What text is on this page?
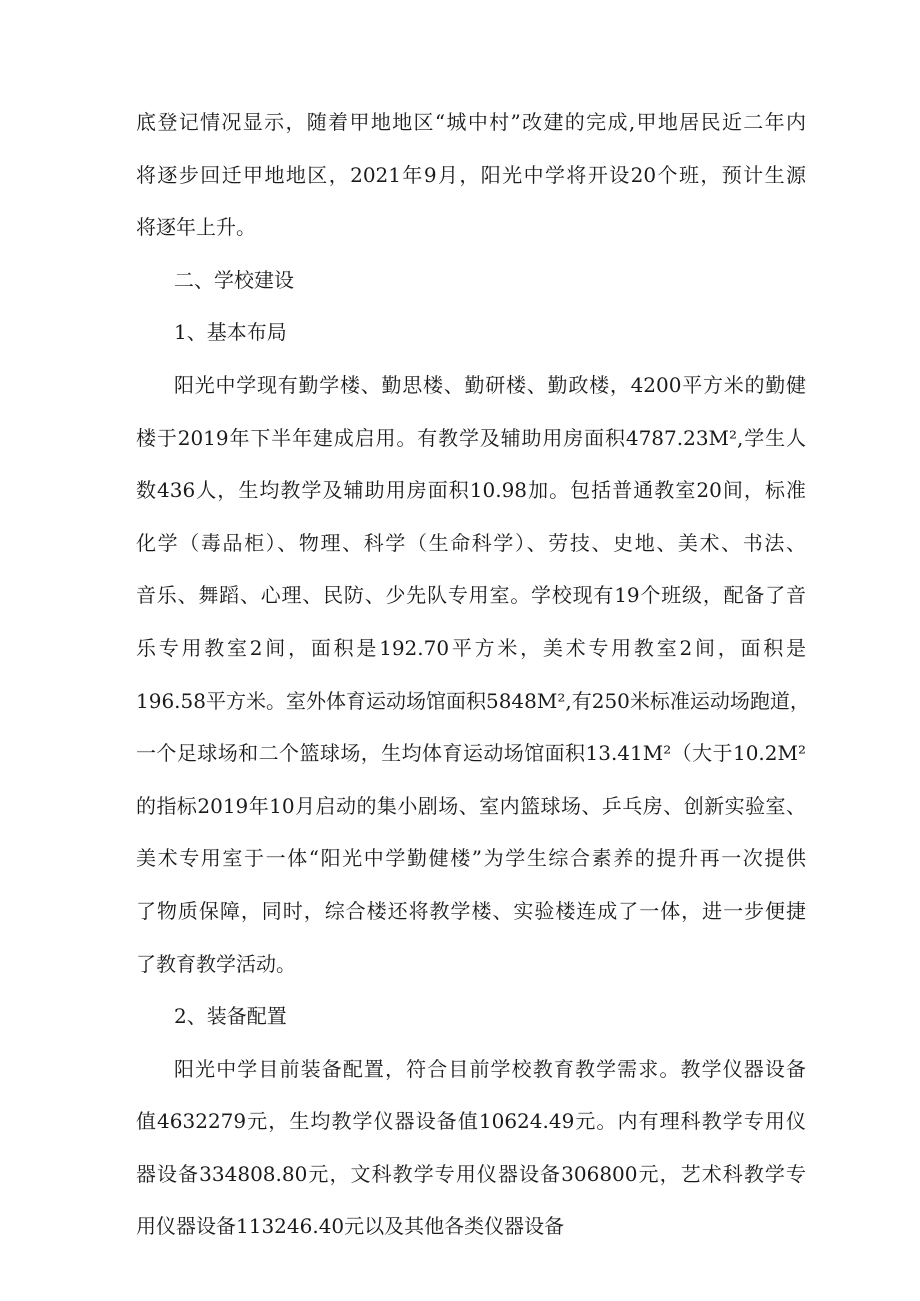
底登记情况显示，随着甲地地区“城中村”改建的完成,甲地居民近二年内
将逐步回迁甲地地区，2021年9月，阳光中学将开设20个班，预计生源
将逐年上升。
二、学校建设
1、基本布局
阳光中学现有勤学楼、勤思楼、勤研楼、勤政楼，4200平方米的勤健
楼于2019年下半年建成启用。有教学及辅助用房面积4787.23M²,学生人
数436人，生均教学及辅助用房面积10.98加。包括普通教室20间，标准
化学（毒品柜）、物理、科学（生命科学）、劳技、史地、美术、书法、
音乐、舞蹈、心理、民防、少先队专用室。学校现有19个班级，配备了音
乐专用教室2间，面积是192.70平方米，美术专用教室2间，面积是
196.58平方米。室外体育运动场馆面积5848M²,有250米标准运动场跑道，
一个足球场和二个篮球场，生均体育运动场馆面积13.41M²（大于10.2M²
的指标2019年10月启动的集小剧场、室内篮球场、乒乓房、创新实验室、
美术专用室于一体“阳光中学勤健楼”为学生综合素养的提升再一次提供
了物质保障，同时，综合楼还将教学楼、实验楼连成了一体，进一步便捷
了教育教学活动。
2、装备配置
阳光中学目前装备配置，符合目前学校教育教学需求。教学仪器设备
值4632279元，生均教学仪器设备值10624.49元。内有理科教学专用仪
器设备334808.80元，文科教学专用仪器设备306800元，艺术科教学专
用仪器设备113246.40元以及其他各类仪器设备
